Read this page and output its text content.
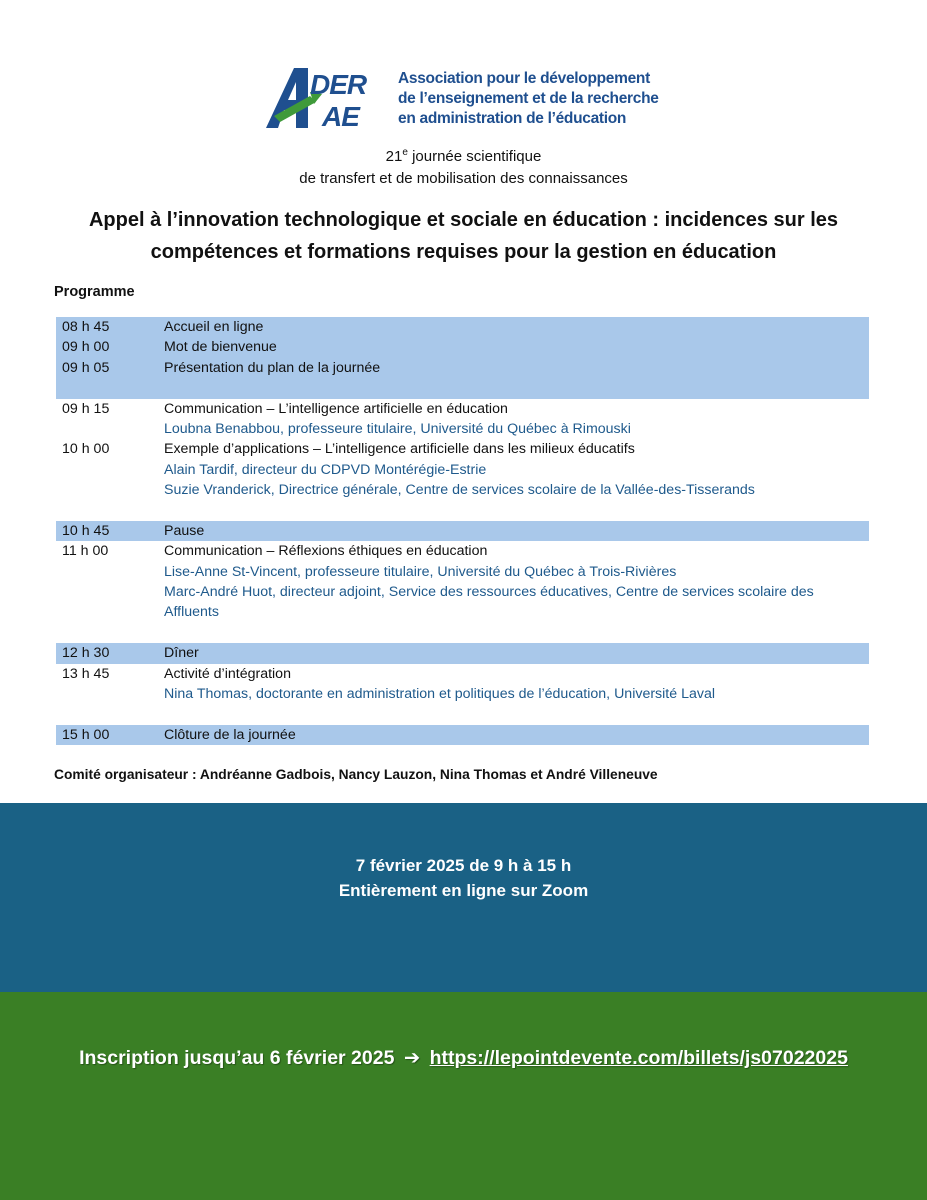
DER
AE
Association pour le développement
de l’enseignement et de la recherche
en administration de l’éducation
21e journée scientifique
de transfert et de mobilisation des connaissances
Appel à l’innovation technologique et sociale en éducation : incidences sur les
compétences et formations requises pour la gestion en éducation
Programme
08 h 45	Accueil en ligne
09 h 00	Mot de bienvenue
09 h 05	Présentation du plan de la journée
09 h 15	Communication – L’intelligence artificielle en éducation
Loubna Benabbou, professeure titulaire, Université du Québec à Rimouski
10 h 00	Exemple d’applications – L’intelligence artificielle dans les milieux éducatifs
Alain Tardif, directeur du CDPVD Montérégie-Estrie
Suzie Vranderick, Directrice générale, Centre de services scolaire de la Vallée-des-Tisserands
10 h 45	Pause
11 h 00	Communication – Réflexions éthiques en éducation
Lise-Anne St-Vincent, professeure titulaire, Université du Québec à Trois-Rivières
Marc-André Huot, directeur adjoint, Service des ressources éducatives, Centre de services scolaire des
Affluents
12 h 30	Dîner
13 h 45	Activité d’intégration
Nina Thomas, doctorante en administration et politiques de l’éducation, Université Laval
15 h 00	Clôture de la journée
Comité organisateur : Andréanne Gadbois, Nancy Lauzon, Nina Thomas et André Villeneuve
7 février 2025 de 9 h à 15 h
Entièrement en ligne sur Zoom
Inscription jusqu’au 6 février 2025 ➔ https://lepointdevente.com/billets/js07022025
